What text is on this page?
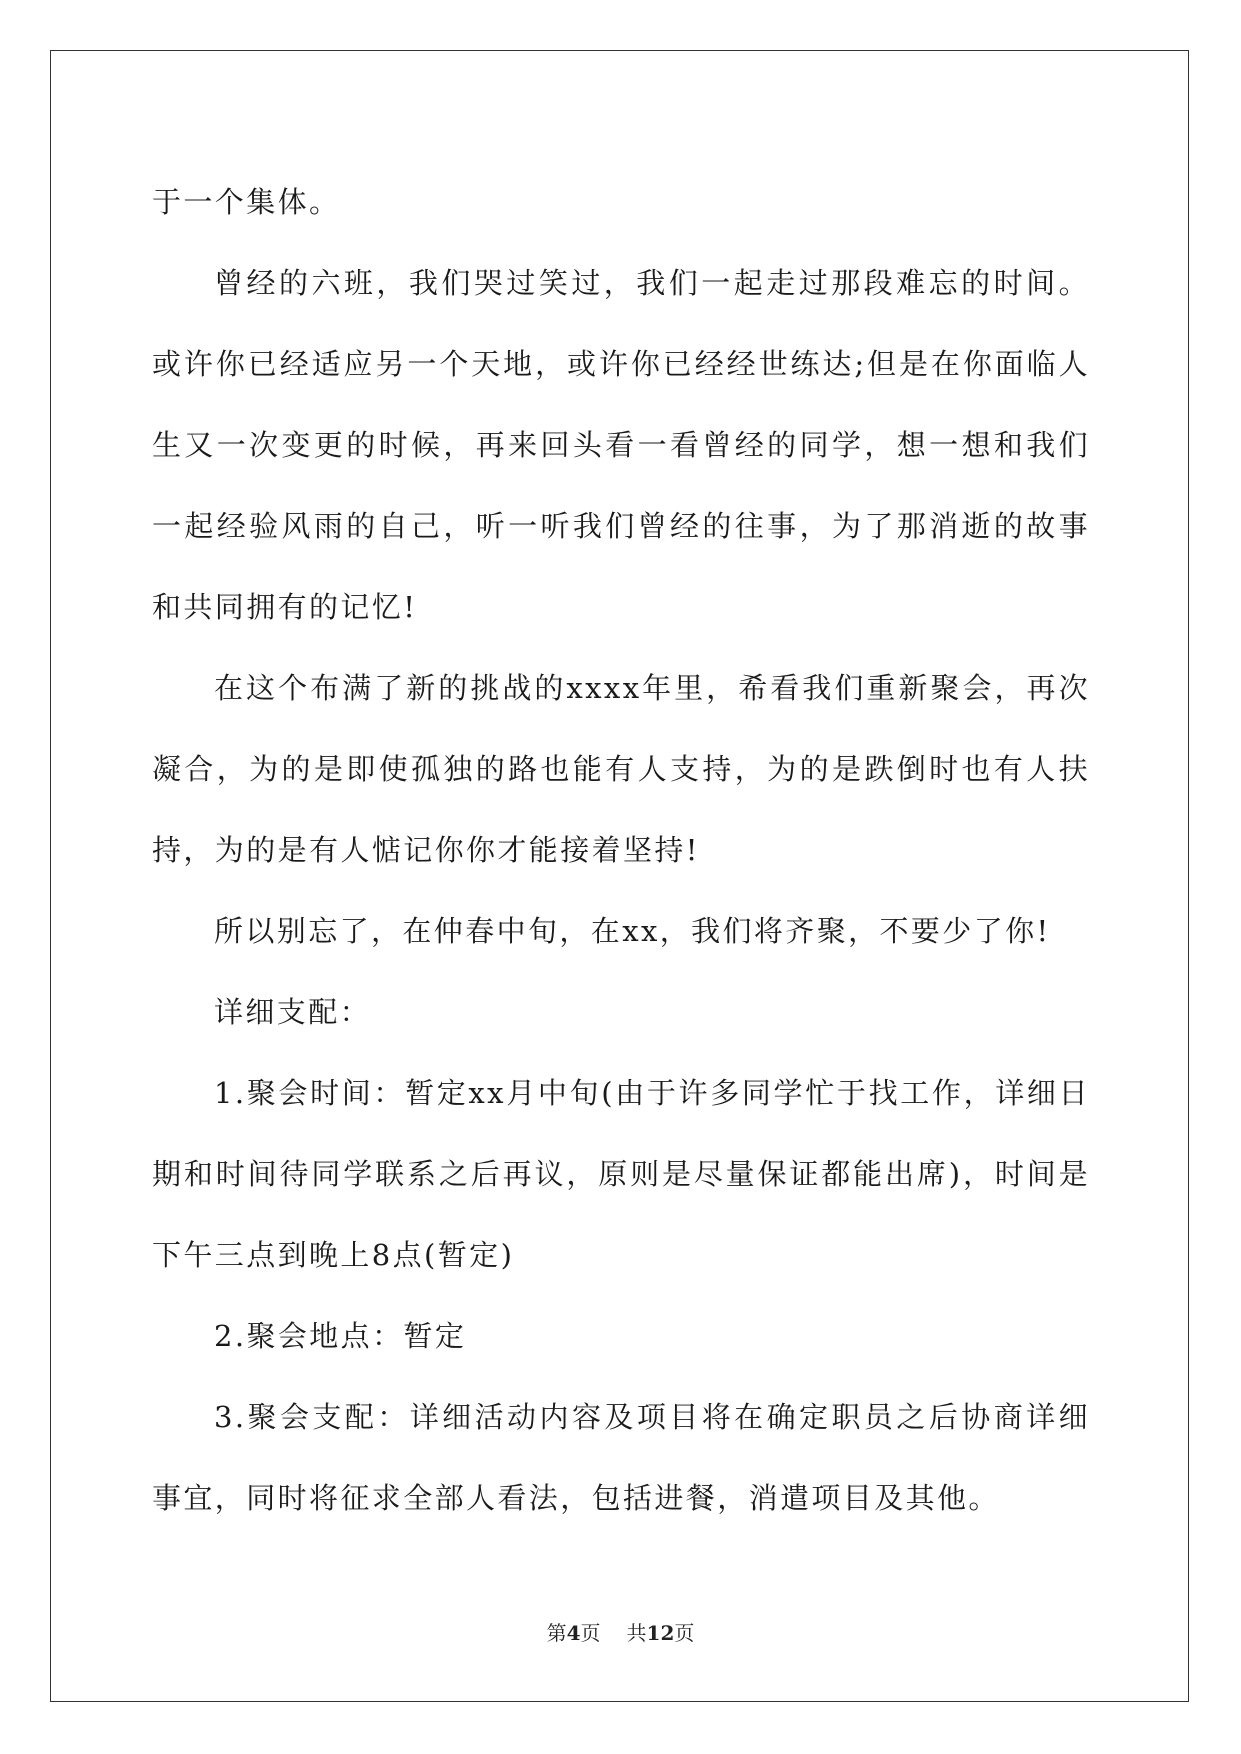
于一个集体。

曾经的六班，我们哭过笑过，我们一起走过那段难忘的时间。或许你已经适应另一个天地，或许你已经经世练达;但是在你面临人生又一次变更的时候，再来回头看一看曾经的同学，想一想和我们一起经验风雨的自己，听一听我们曾经的往事，为了那消逝的故事和共同拥有的记忆!

在这个布满了新的挑战的xxxx年里，希看我们重新聚会，再次凝合，为的是即使孤独的路也能有人支持，为的是跌倒时也有人扶持，为的是有人惦记你你才能接着坚持!

所以别忘了，在仲春中旬，在xx，我们将齐聚，不要少了你!

详细支配：

1.聚会时间：暂定xx月中旬(由于许多同学忙于找工作，详细日期和时间待同学联系之后再议，原则是尽量保证都能出席)，时间是下午三点到晚上8点(暂定)

2.聚会地点：暂定

3.聚会支配：详细活动内容及项目将在确定职员之后协商详细事宜，同时将征求全部人看法，包括进餐，消遣项目及其他。

第4页 共12页
